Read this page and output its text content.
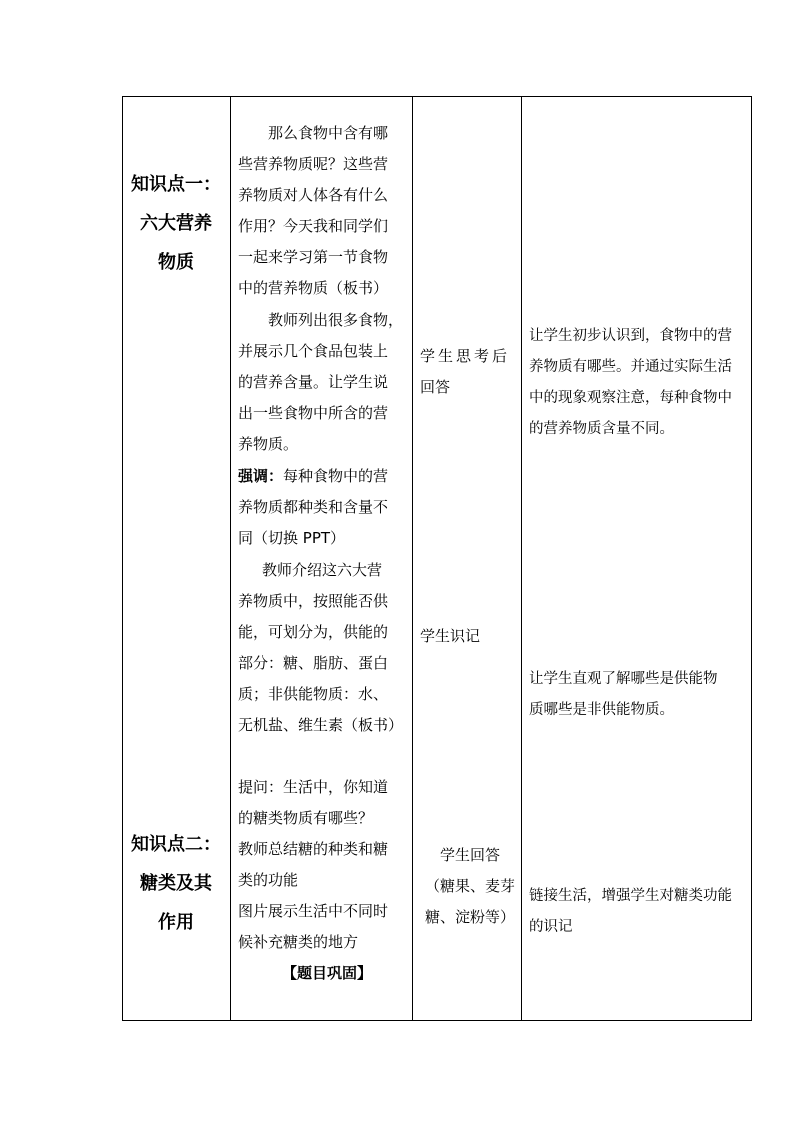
知识点一：
六大营养
物质
知识点二：
糖类及其
作用
那么食物中含有哪
些营养物质呢？这些营
养物质对人体各有什么
作用？今天我和同学们
一起来学习第一节食物
中的营养物质（板书）
教师列出很多食物，
并展示几个食品包装上
的营养含量。让学生说
出一些食物中所含的营
养物质。
强调：每种食物中的营
养物质都种类和含量不
同（切换 PPT）
教师介绍这六大营
养物质中，按照能否供
能，可划分为，供能的
部分：糖、脂肪、蛋白
质；非供能物质：水、
无机盐、维生素（板书）
提问：生活中，你知道
的糖类物质有哪些？
教师总结糖的种类和糖
类的功能
图片展示生活中不同时
候补充糖类的地方
【题目巩固】
学生思考后
回答
学生识记
学生回答
（糖果、麦芽
糖、淀粉等）
让学生初步认识到，食物中的营
养物质有哪些。并通过实际生活
中的现象观察注意，每种食物中
的营养物质含量不同。
让学生直观了解哪些是供能物
质哪些是非供能物质。
链接生活，增强学生对糖类功能
的识记
